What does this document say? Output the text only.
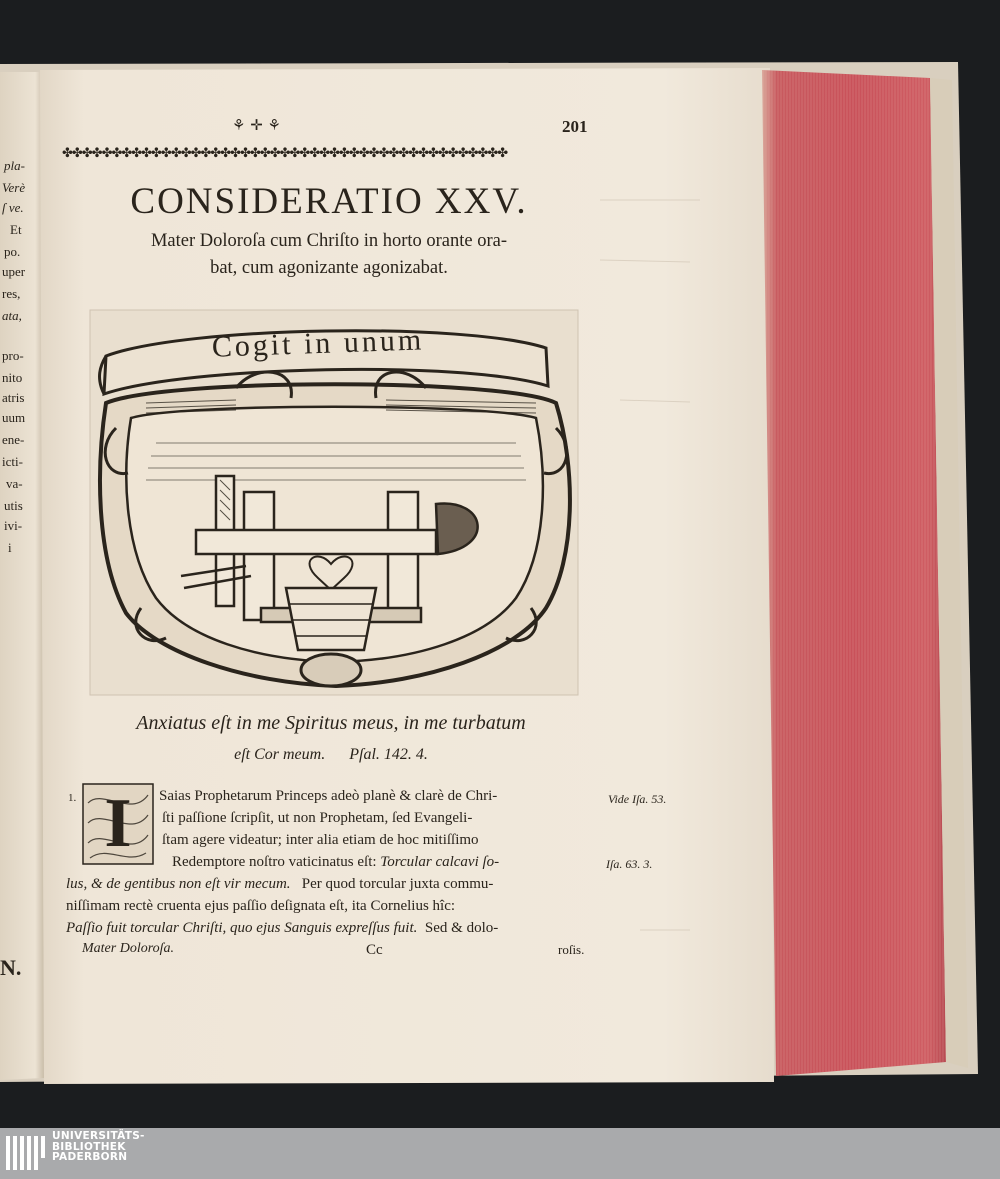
pla-
Verè
ſ ve.
Et
po.
uper
res,
ata,
pro-
nito
atris
uum
ene-
icti-
va-
utis
ivi-
i
N.
⚘ ✛ ⚘	201
✤✤✤✤✤✤✤✤✤✤✤✤✤✤✤✤✤✤✤✤✤✤✤✤✤✤✤✤✤✤✤✤✤✤✤✤✤✤✤✤✤✤✤✤✤
CONSIDERATIO XXV.
Mater Doloroſa cum Chriſto in horto orante ora-
bat, cum agonizante agonizabat.
Cogit in unum
Anxiatus eſt in me Spiritus meus, in me turbatum
eſt Cor meum. Pſal. 142. 4.
1. I	Saias Prophetarum Princeps adeò planè & clarè de Chri-
ſti paſſione ſcripſit, ut non Prophetam, ſed Evangeli-
ſtam agere videatur; inter alia etiam de hoc mitiſſimo
Redemptore noſtro vaticinatus eſt: Torcular calcavi ſo-
lus, & de gentibus non eſt vir mecum. Per quod torcular juxta commu-
niſſimam rectè cruenta ejus paſſio deſignata eſt, ita Cornelius hîc:
Paſſio fuit torcular Chriſti, quo ejus Sanguis expreſſus fuit. Sed & dolo-
Vide Iſa. 53.
Iſa. 63. 3.
Mater Doloroſa.	Cc	roſis.
UNIVERSITÄTS-
BIBLIOTHEK
PADERBORN
